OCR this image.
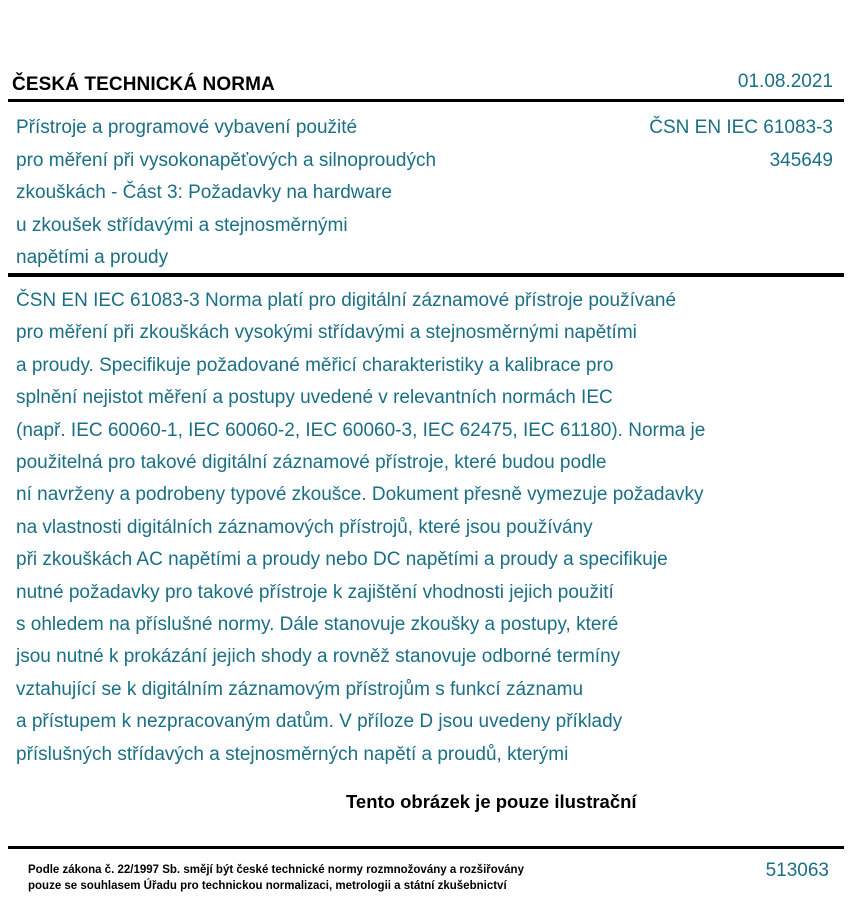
ČESKÁ TECHNICKÁ NORMA	01.08.2021
Přístroje a programové vybavení použité
pro měření při vysokonapěťových a silnoproudých
zkouškách - Část 3: Požadavky na hardware
u zkoušek střídavými a stejnosměrnými
napětími a proudy
ČSN EN IEC 61083-3
345649
ČSN EN IEC 61083-3 Norma platí pro digitální záznamové přístroje používané
pro měření při zkouškách vysokými střídavými a stejnosměrnými napětími
a proudy. Specifikuje požadované měřicí charakteristiky a kalibrace pro
splnění nejistot měření a postupy uvedené v relevantních normách IEC
(např. IEC 60060-1, IEC 60060-2, IEC 60060-3, IEC 62475, IEC 61180). Norma je
použitelná pro takové digitální záznamové přístroje, které budou podle
ní navrženy a podrobeny typové zkoušce. Dokument přesně vymezuje požadavky
na vlastnosti digitálních záznamových přístrojů, které jsou používány
při zkouškách AC napětími a proudy nebo DC napětími a proudy a specifikuje
nutné požadavky pro takové přístroje k zajištění vhodnosti jejich použití
s ohledem na příslušné normy. Dále stanovuje zkoušky a postupy, které
jsou nutné k prokázání jejich shody a rovněž stanovuje odborné termíny
vztahující se k digitálním záznamovým přístrojům s funkcí záznamu
a přístupem k nezpracovaným datům. V příloze D jsou uvedeny příklady
příslušných střídavých a stejnosměrných napětí a proudů, kterými
Tento obrázek je pouze ilustrační
Podle zákona č. 22/1997 Sb. smějí být české technické normy rozmnožovány a rozšiřovány
pouze se souhlasem Úřadu pro technickou normalizaci, metrologii a státní zkušebnictví
513063
